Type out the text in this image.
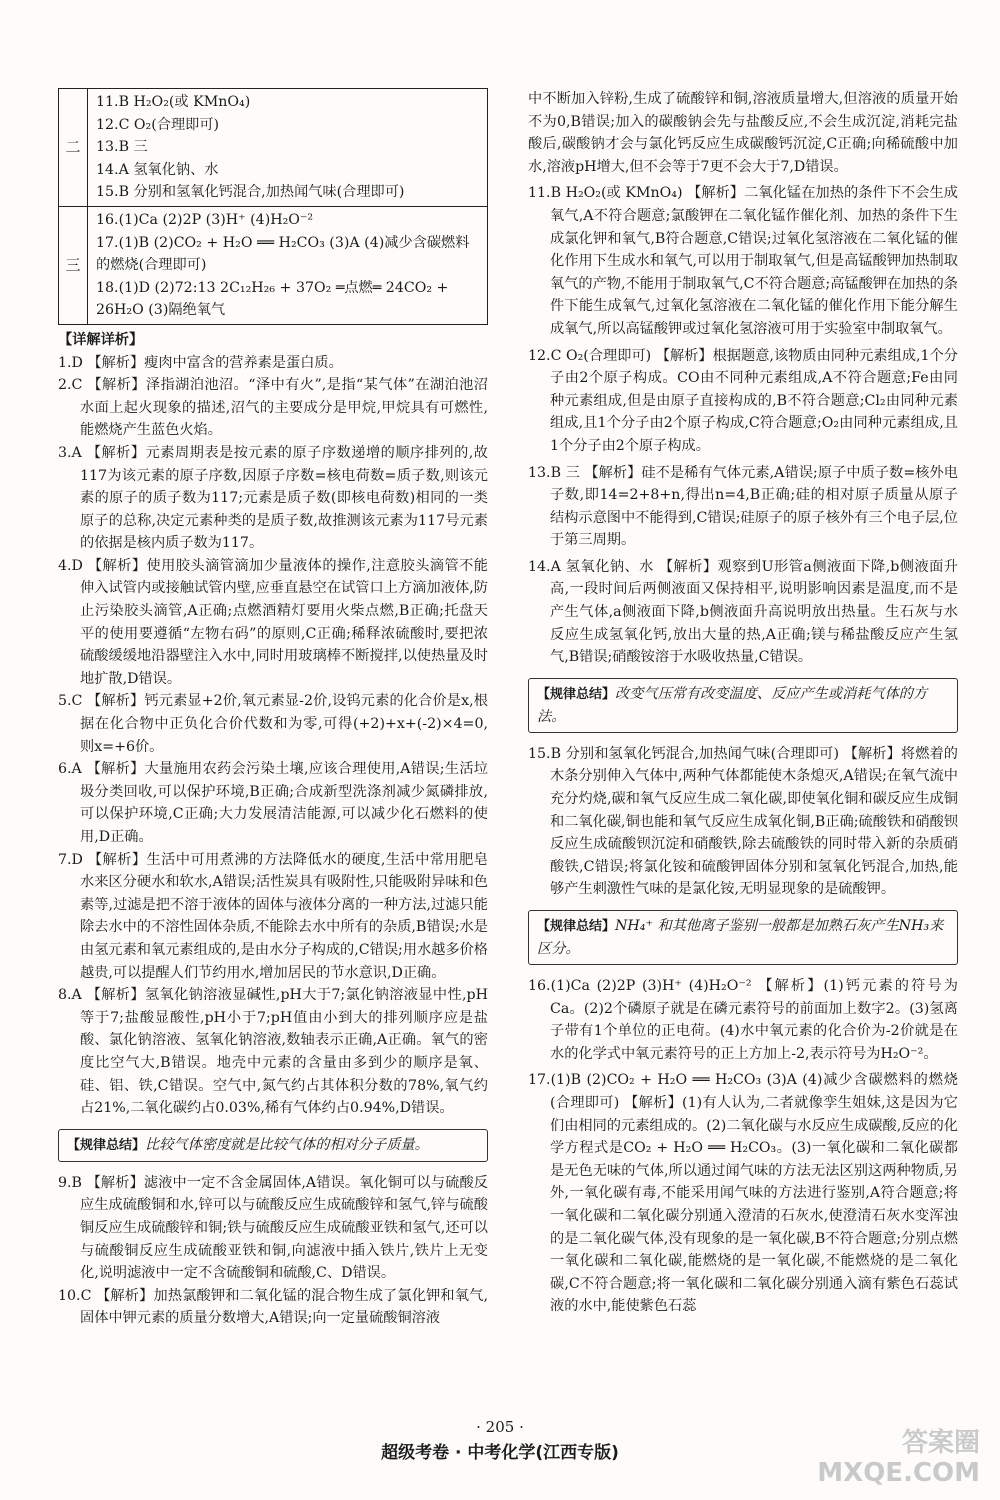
二	11.B H₂O₂(或 KMnO₄)
12.C O₂(合理即可)
13.B 三
14.A 氢氧化钠、水
15.B 分别和氢氧化钙混合,加热闻气味(合理即可)

三	16.(1)Ca (2)2P (3)H⁺ (4)H₂O⁻²
17.(1)B (2)CO₂ + H₂O ══ H₂CO₃ (3)A (4)减少含碳燃料的燃烧(合理即可)
18.(1)D (2)72:13 2C₁₂H₂₆ + 37O₂ ═点燃═ 24CO₂ + 26H₂O (3)隔绝氧气
【详解详析】
1.D 【解析】瘦肉中富含的营养素是蛋白质。
2.C 【解析】泽指湖泊池沼。“泽中有火”,是指“某气体”在湖泊池沼水面上起火现象的描述,沼气的主要成分是甲烷,甲烷具有可燃性,能燃烧产生蓝色火焰。
3.A 【解析】元素周期表是按元素的原子序数递增的顺序排列的,故117为该元素的原子序数,因原子序数=核电荷数=质子数,则该元素的原子的质子数为117;元素是质子数(即核电荷数)相同的一类原子的总称,决定元素种类的是质子数,故推测该元素为117号元素的依据是核内质子数为117。
4.D 【解析】使用胶头滴管滴加少量液体的操作,注意胶头滴管不能伸入试管内或接触试管内壁,应垂直悬空在试管口上方滴加液体,防止污染胶头滴管,A正确;点燃酒精灯要用火柴点燃,B正确;托盘天平的使用要遵循“左物右码”的原则,C正确;稀释浓硫酸时,要把浓硫酸缓缓地沿器壁注入水中,同时用玻璃棒不断搅拌,以使热量及时地扩散,D错误。
5.C 【解析】钙元素显+2价,氧元素显-2价,设钨元素的化合价是x,根据在化合物中正负化合价代数和为零,可得(+2)+x+(-2)×4=0,则x=+6价。
6.A 【解析】大量施用农药会污染土壤,应该合理使用,A错误;生活垃圾分类回收,可以保护环境,B正确;合成新型洗涤剂减少氮磷排放,可以保护环境,C正确;大力发展清洁能源,可以减少化石燃料的使用,D正确。
7.D 【解析】生活中可用煮沸的方法降低水的硬度,生活中常用肥皂水来区分硬水和软水,A错误;活性炭具有吸附性,只能吸附异味和色素等,过滤是把不溶于液体的固体与液体分离的一种方法,过滤只能除去水中的不溶性固体杂质,不能除去水中所有的杂质,B错误;水是由氢元素和氧元素组成的,是由水分子构成的,C错误;用水越多价格越贵,可以提醒人们节约用水,增加居民的节水意识,D正确。
8.A 【解析】氢氧化钠溶液显碱性,pH大于7;氯化钠溶液显中性,pH等于7;盐酸显酸性,pH小于7;pH值由小到大的排列顺序应是盐酸、氯化钠溶液、氢氧化钠溶液,数轴表示正确,A正确。氧气的密度比空气大,B错误。地壳中元素的含量由多到少的顺序是氧、硅、铝、铁,C错误。空气中,氮气约占其体积分数的78%,氧气约占21%,二氧化碳约占0.03%,稀有气体约占0.94%,D错误。
【规律总结】比较气体密度就是比较气体的相对分子质量。
9.B 【解析】滤液中一定不含金属固体,A错误。氧化铜可以与硫酸反应生成硫酸铜和水,锌可以与硫酸反应生成硫酸锌和氢气,锌与硫酸铜反应生成硫酸锌和铜;铁与硫酸反应生成硫酸亚铁和氢气,还可以与硫酸铜反应生成硫酸亚铁和铜,向滤液中插入铁片,铁片上无变化,说明滤液中一定不含硫酸铜和硫酸,C、D错误。
10.C 【解析】加热氯酸钾和二氧化锰的混合物生成了氯化钾和氧气,固体中钾元素的质量分数增大,A错误;向一定量硫酸铜溶液
中不断加入锌粉,生成了硫酸锌和铜,溶液质量增大,但溶液的质量开始不为0,B错误;加入的碳酸钠会先与盐酸反应,不会生成沉淀,消耗完盐酸后,碳酸钠才会与氯化钙反应生成碳酸钙沉淀,C正确;向稀硫酸中加水,溶液pH增大,但不会等于7更不会大于7,D错误。
11.B H₂O₂(或 KMnO₄) 【解析】二氧化锰在加热的条件下不会生成氧气,A不符合题意;氯酸钾在二氧化锰作催化剂、加热的条件下生成氯化钾和氧气,B符合题意,C错误;过氧化氢溶液在二氧化锰的催化作用下生成水和氧气,可以用于制取氧气,但是高锰酸钾加热制取氧气的产物,不能用于制取氧气,C不符合题意;高锰酸钾在加热的条件下能生成氧气,过氧化氢溶液在二氧化锰的催化作用下能分解生成氧气,所以高锰酸钾或过氧化氢溶液可用于实验室中制取氧气。
12.C O₂(合理即可) 【解析】根据题意,该物质由同种元素组成,1个分子由2个原子构成。CO由不同种元素组成,A不符合题意;Fe由同种元素组成,但是由原子直接构成的,B不符合题意;Cl₂由同种元素组成,且1个分子由2个原子构成,C符合题意;O₂由同种元素组成,且1个分子由2个原子构成。
13.B 三 【解析】硅不是稀有气体元素,A错误;原子中质子数=核外电子数,即14=2+8+n,得出n=4,B正确;硅的相对原子质量从原子结构示意图中不能得到,C错误;硅原子的原子核外有三个电子层,位于第三周期。
14.A 氢氧化钠、水 【解析】观察到U形管a侧液面下降,b侧液面升高,一段时间后两侧液面又保持相平,说明影响因素是温度,而不是产生气体,a侧液面下降,b侧液面升高说明放出热量。生石灰与水反应生成氢氧化钙,放出大量的热,A正确;镁与稀盐酸反应产生氢气,B错误;硝酸铵溶于水吸收热量,C错误。
【规律总结】改变气压常有改变温度、反应产生或消耗气体的方法。
15.B 分别和氢氧化钙混合,加热闻气味(合理即可) 【解析】将燃着的木条分别伸入气体中,两种气体都能使木条熄灭,A错误;在氧气流中充分灼烧,碳和氧气反应生成二氧化碳,即使氧化铜和碳反应生成铜和二氧化碳,铜也能和氧气反应生成氧化铜,B正确;硫酸铁和硝酸钡反应生成硫酸钡沉淀和硝酸铁,除去硫酸铁的同时带入新的杂质硝酸铁,C错误;将氯化铵和硫酸钾固体分别和氢氧化钙混合,加热,能够产生刺激性气味的是氯化铵,无明显现象的是硫酸钾。
【规律总结】NH₄⁺ 和其他离子鉴别一般都是加熟石灰产生NH₃来区分。
16.(1)Ca (2)2P (3)H⁺ (4)H₂O⁻² 【解析】(1)钙元素的符号为Ca。(2)2个磷原子就是在磷元素符号的前面加上数字2。(3)氢离子带有1个单位的正电荷。(4)水中氧元素的化合价为-2价就是在水的化学式中氧元素符号的正上方加上-2,表示符号为H₂O⁻²。
17.(1)B (2)CO₂ + H₂O ══ H₂CO₃ (3)A (4)减少含碳燃料的燃烧(合理即可) 【解析】(1)有人认为,二者就像孪生姐妹,这是因为它们由相同的元素组成的。(2)二氧化碳与水反应生成碳酸,反应的化学方程式是CO₂ + H₂O ══ H₂CO₃。(3)一氧化碳和二氧化碳都是无色无味的气体,所以通过闻气味的方法无法区别这两种物质,另外,一氧化碳有毒,不能采用闻气味的方法进行鉴别,A符合题意;将一氧化碳和二氧化碳分别通入澄清的石灰水,使澄清石灰水变浑浊的是二氧化碳气体,没有现象的是一氧化碳,B不符合题意;分别点燃一氧化碳和二氧化碳,能燃烧的是一氧化碳,不能燃烧的是二氧化碳,C不符合题意;将一氧化碳和二氧化碳分别通入滴有紫色石蕊试液的水中,能使紫色石蕊
· 205 ·
超级考卷 · 中考化学(江西专版)	答案圈
MXQE.COM
